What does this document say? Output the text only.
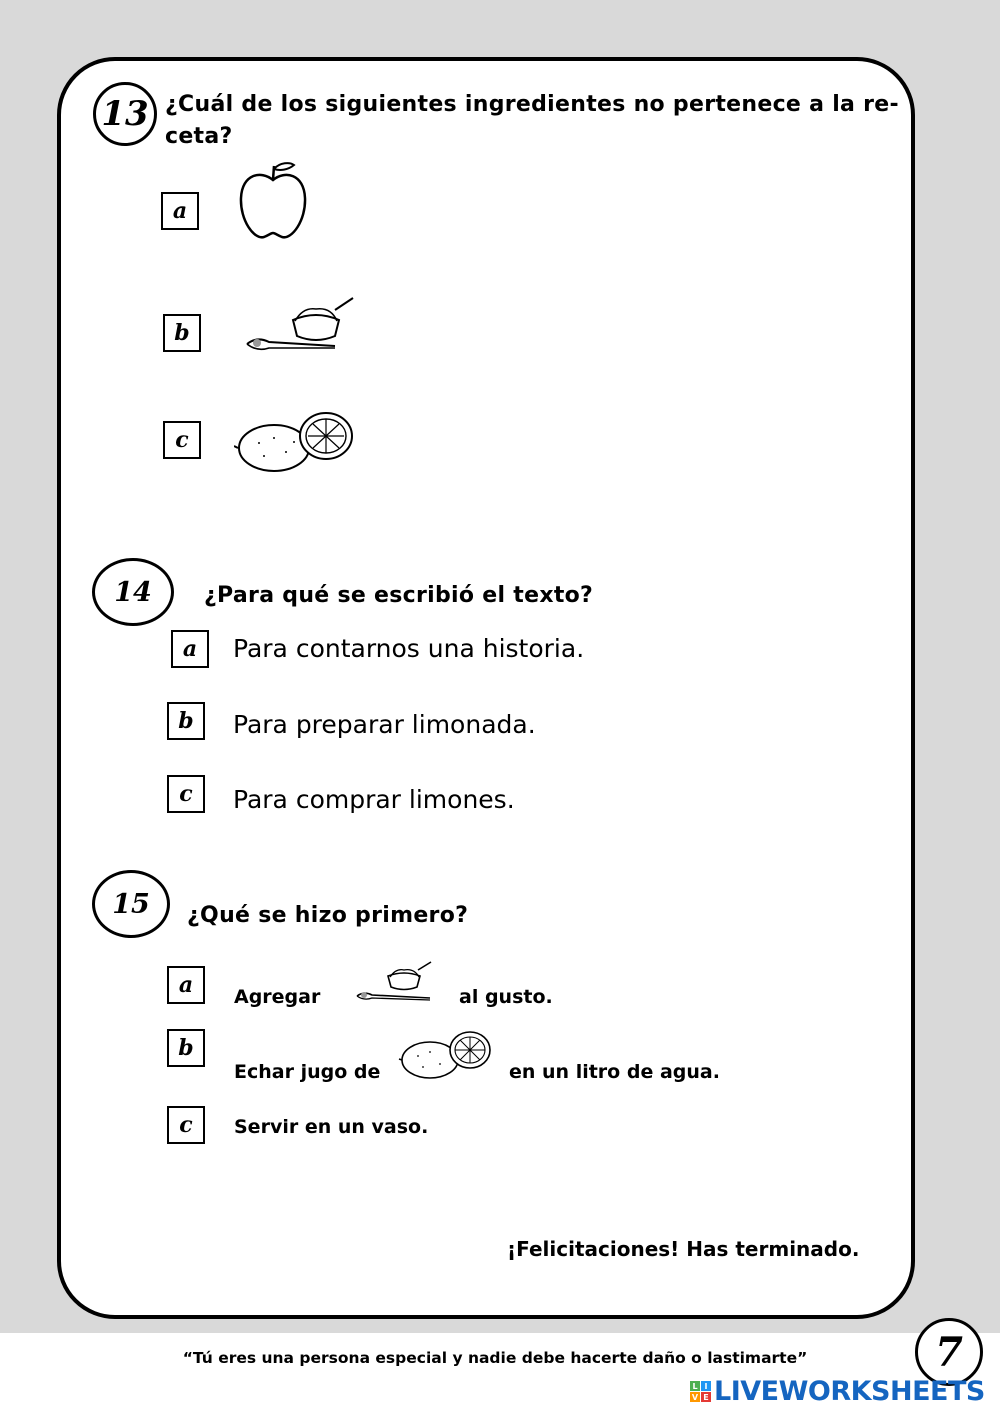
13 ¿Cuál de los siguientes ingredientes no pertenece a la re-
ceta?
a
b
c
14	¿Para qué se escribió el texto?
a	Para contarnos una historia.
b	Para preparar limonada.
c	Para comprar limones.
15	¿Qué se hizo primero?
a	Agregar	al gusto.
b
Echar jugo de	en un litro de agua.
c	Servir en un vaso.
¡Felicitaciones! Has terminado.
“Tú eres una persona especial y nadie debe hacerte daño o lastimarte”	7
L I
V E LIVEWORKSHEETS
